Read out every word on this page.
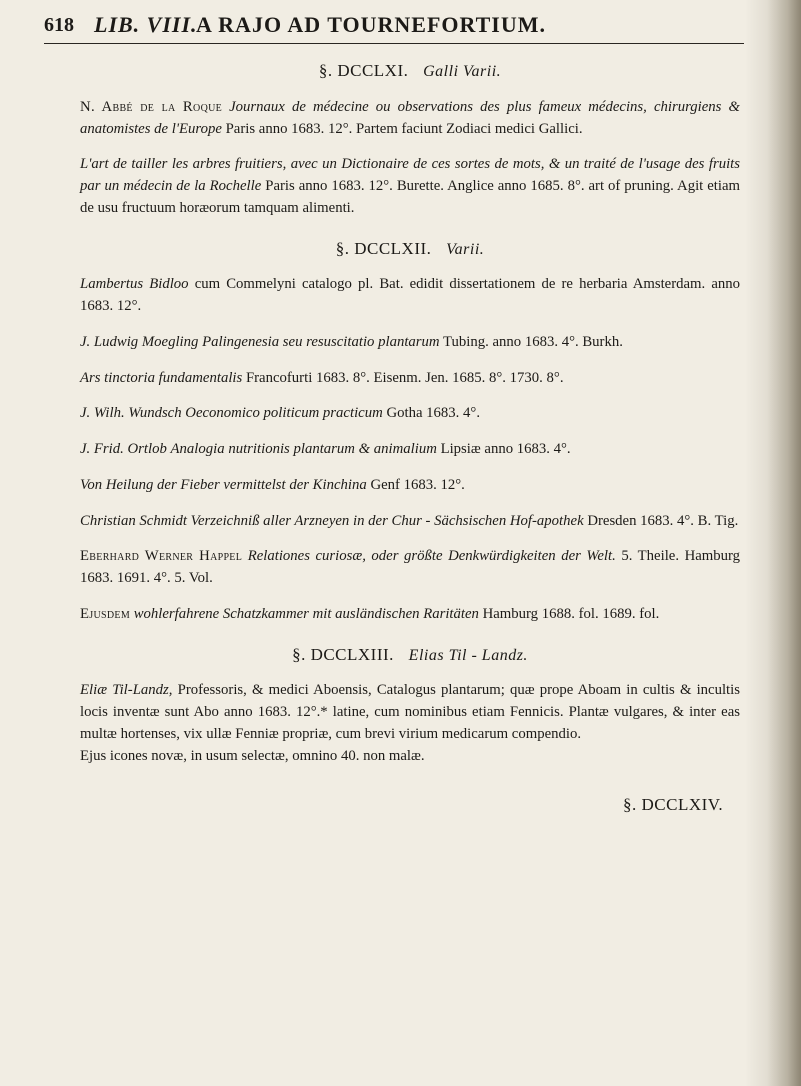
618 LIB. VIII.
A RAJO AD TOURNEFORTIUM.

§. DCCLXI. Galli Varii.

N. Abbé de la Roque Journaux de médecine ou observations des plus fameux médecins, chirurgiens & anatomistes de l'Europe Paris anno 1683. 12°. Partem faciunt Zodiaci medici Gallici.

L'art de tailler les arbres fruitiers, avec un Dictionaire de ces sortes de mots, & un traité de l'usage des fruits par un médecin de la Rochelle Paris anno 1683. 12°. Burette. Anglice anno 1685. 8°. art of pruning. Agit etiam de usu fructuum horæorum tamquam alimenti.

§. DCCLXII. Varii.

Lambertus Bidloo cum Commelyni catalogo pl. Bat. edidit dissertationem de re herbaria Amsterdam. anno 1683. 12°.

J. Ludwig Moegling Palingenesia seu resuscitatio plantarum Tubing. anno 1683. 4°. Burkh.

Ars tinctoria fundamentalis Francofurti 1683. 8°. Eisenm. Jen. 1685. 8°. 1730. 8°.

J. Wilh. Wundsch Oeconomico politicum practicum Gotha 1683. 4°.

J. Frid. Ortlob Analogia nutritionis plantarum & animalium Lipsiæ anno 1683. 4°.

Von Heilung der Fieber vermittelst der Kinchina Genf 1683. 12°.

Christian Schmidt Verzeichniß aller Arzneyen in der Chur - Sächsischen Hof-apothek Dresden 1683. 4°. B. Tig.

Eberhard Werner Happel Relationes curiosæ, oder größte Denkwürdigkeiten der Welt. 5. Theile. Hamburg 1683. 1691. 4°. 5. Vol.

Ejusdem wohlerfahrene Schatzkammer mit ausländischen Raritäten Hamburg 1688. fol. 1689. fol.

§. DCCLXIII. Elias Til - Landz.

Eliæ Til-Landz, Professoris, & medici Aboensis, Catalogus plantarum; quæ prope Aboam in cultis & incultis locis inventæ sunt Abo anno 1683. 12°.* latine, cum nominibus etiam Fennicis. Plantæ vulgares, & inter eas multæ hortenses, vix ullæ Fenniæ propriæ, cum brevi virium medicarum compendio.

Ejus icones novæ, in usum selectæ, omnino 40. non malæ.

§. DCCLXIV.
